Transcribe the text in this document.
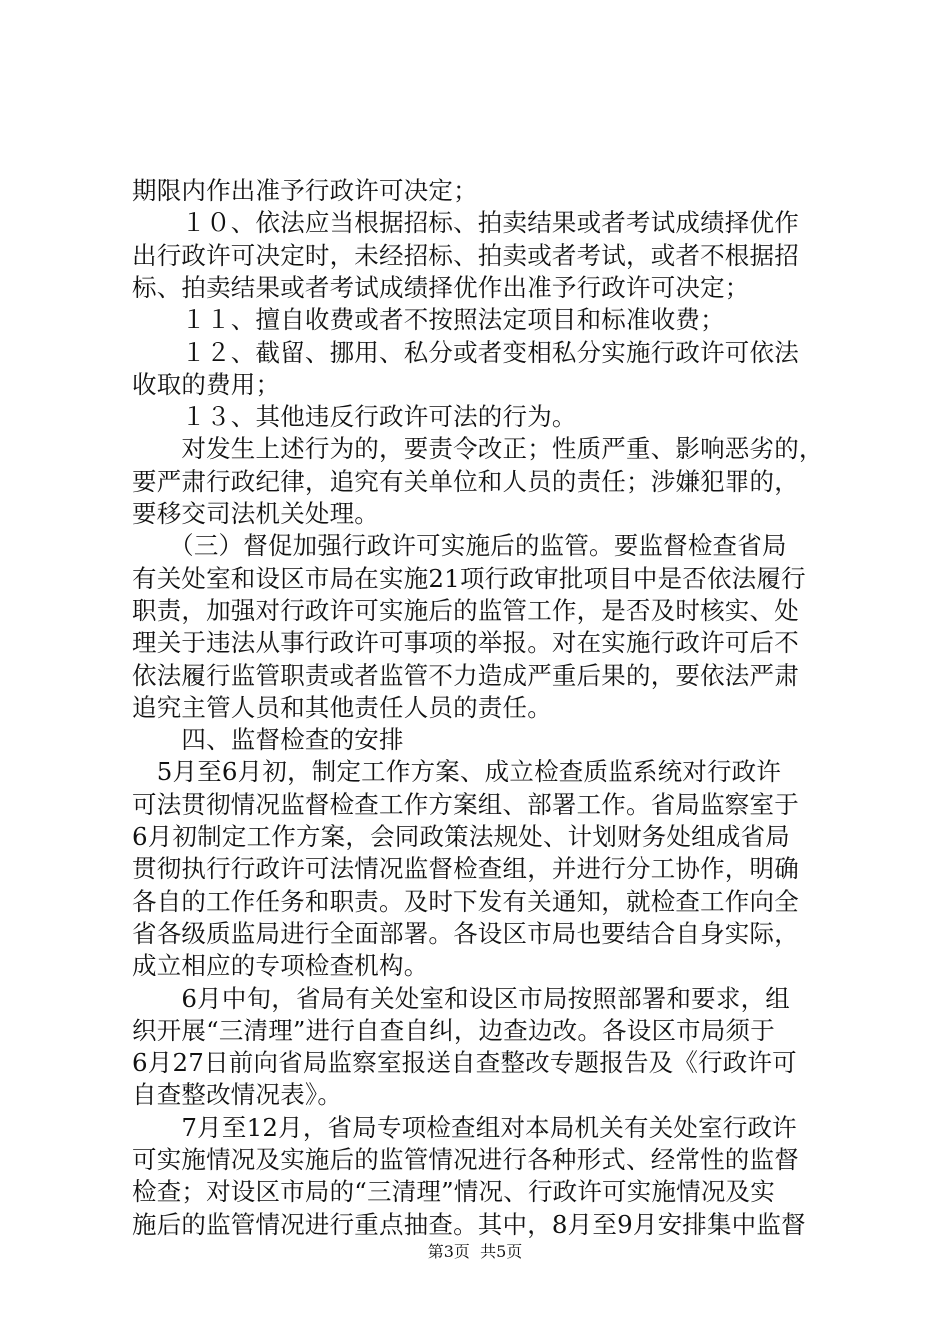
期限内作出准予行政许可决定；
　　１０、依法应当根据招标、拍卖结果或者考试成绩择优作
出行政许可决定时，未经招标、拍卖或者考试，或者不根据招
标、拍卖结果或者考试成绩择优作出准予行政许可决定；
　　１１、擅自收费或者不按照法定项目和标准收费；
　　１２、截留、挪用、私分或者变相私分实施行政许可依法
收取的费用；
　　１３、其他违反行政许可法的行为。
　　对发生上述行为的，要责令改正；性质严重、影响恶劣的，
要严肃行政纪律，追究有关单位和人员的责任；涉嫌犯罪的，
要移交司法机关处理。
　　（三）督促加强行政许可实施后的监管。要监督检查省局
有关处室和设区市局在实施21项行政审批项目中是否依法履行
职责，加强对行政许可实施后的监管工作，是否及时核实、处
理关于违法从事行政许可事项的举报。对在实施行政许可后不
依法履行监管职责或者监管不力造成严重后果的，要依法严肃
追究主管人员和其他责任人员的责任。
　　四、监督检查的安排
　5月至6月初，制定工作方案、成立检查质监系统对行政许
可法贯彻情况监督检查工作方案组、部署工作。省局监察室于
6月初制定工作方案，会同政策法规处、计划财务处组成省局
贯彻执行行政许可法情况监督检查组，并进行分工协作，明确
各自的工作任务和职责。及时下发有关通知，就检查工作向全
省各级质监局进行全面部署。各设区市局也要结合自身实际，
成立相应的专项检查机构。
　　6月中旬，省局有关处室和设区市局按照部署和要求，组
织开展“三清理”进行自查自纠，边查边改。各设区市局须于
6月27日前向省局监察室报送自查整改专题报告及《行政许可
自查整改情况表》。
　　7月至12月，省局专项检查组对本局机关有关处室行政许
可实施情况及实施后的监管情况进行各种形式、经常性的监督
检查；对设区市局的“三清理”情况、行政许可实施情况及实
施后的监管情况进行重点抽查。其中，8月至9月安排集中监督
第3页  共5页
